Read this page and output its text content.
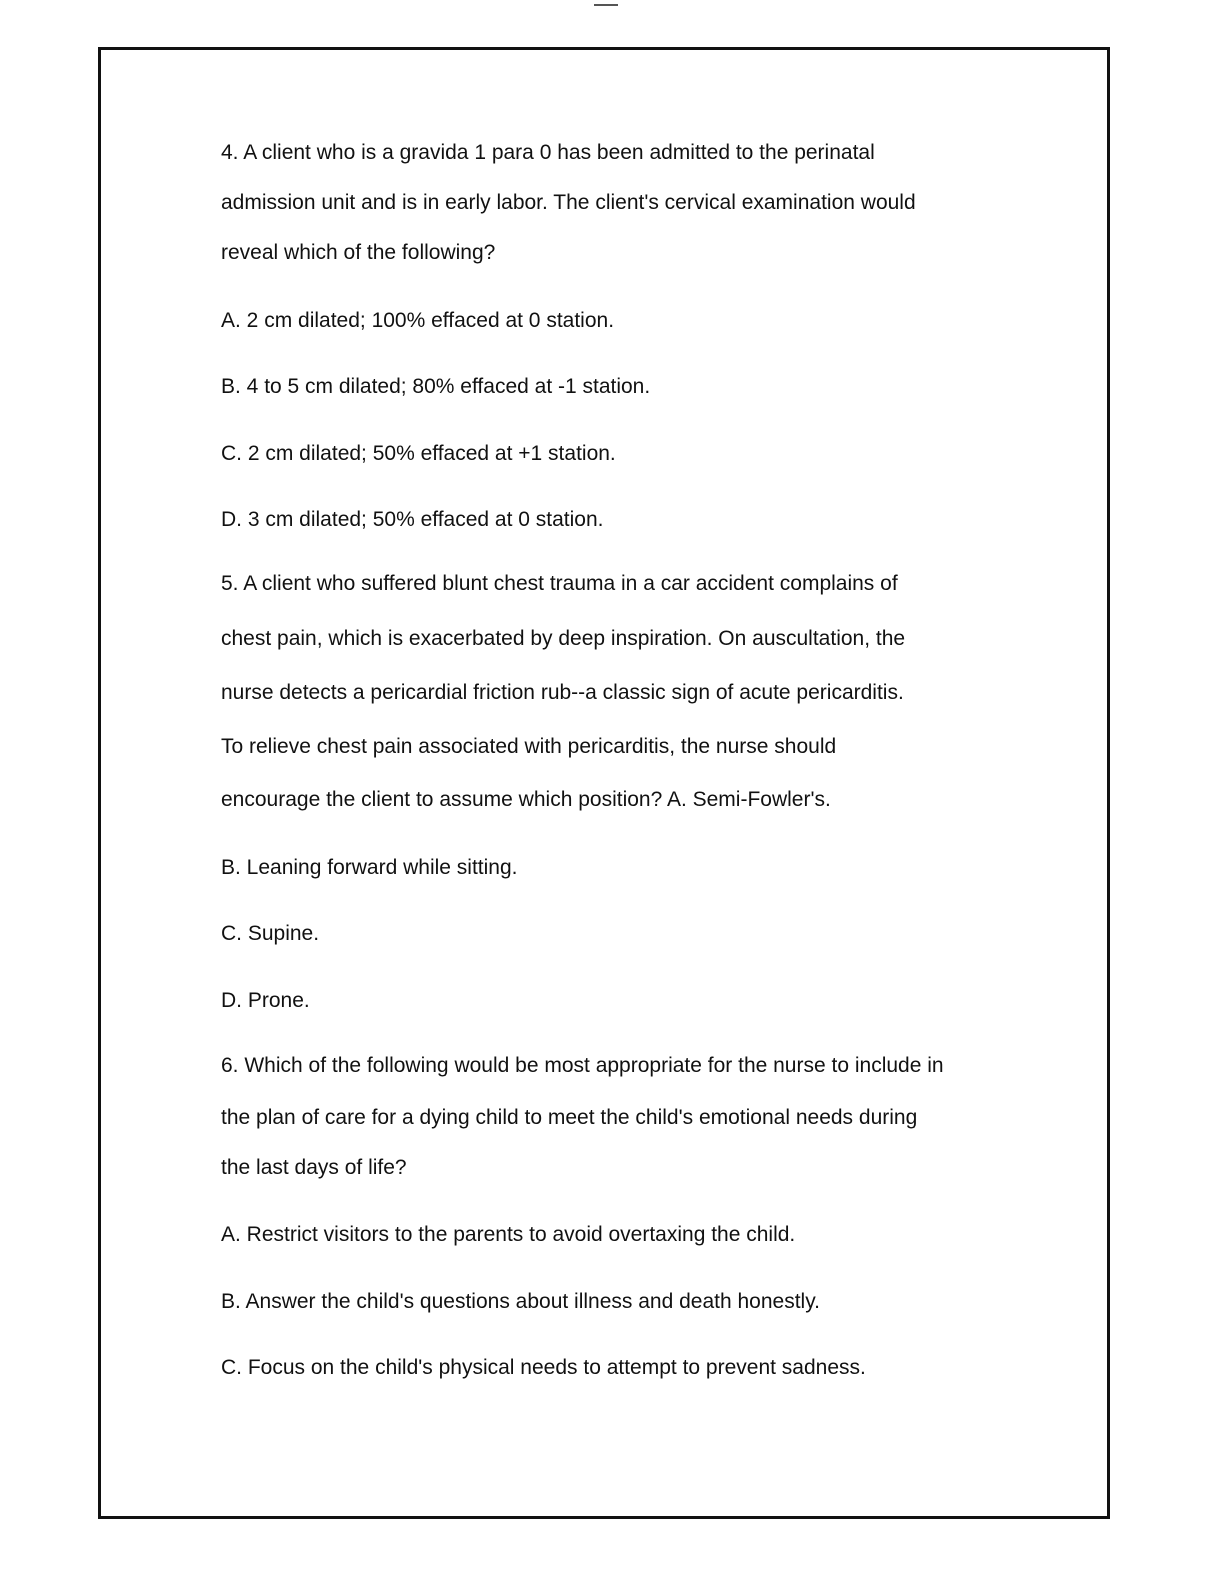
4. A client who is a gravida 1 para 0 has been admitted to the perinatal
admission unit and is in early labor. The client's cervical examination would
reveal which of the following?
A. 2 cm dilated; 100% effaced at 0 station.
B. 4 to 5 cm dilated; 80% effaced at -1 station.
C. 2 cm dilated; 50% effaced at +1 station.
D. 3 cm dilated; 50% effaced at 0 station.
5. A client who suffered blunt chest trauma in a car accident complains of
chest pain, which is exacerbated by deep inspiration. On auscultation, the
nurse detects a pericardial friction rub--a classic sign of acute pericarditis.
To relieve chest pain associated with pericarditis, the nurse should
encourage the client to assume which position? A. Semi-Fowler's.
B. Leaning forward while sitting.
C. Supine.
D. Prone.
6. Which of the following would be most appropriate for the nurse to include in
the plan of care for a dying child to meet the child's emotional needs during
the last days of life?
A. Restrict visitors to the parents to avoid overtaxing the child.
B. Answer the child's questions about illness and death honestly.
C. Focus on the child's physical needs to attempt to prevent sadness.
